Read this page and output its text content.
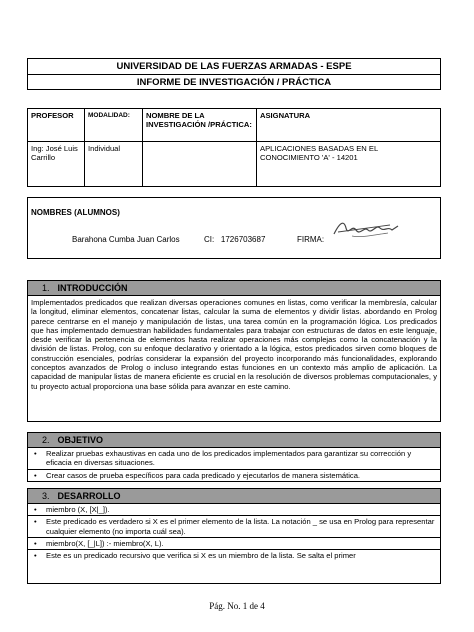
UNIVERSIDAD DE LAS FUERZAS ARMADAS - ESPE
INFORME DE INVESTIGACIÓN / PRÁCTICA
PROFESOR	MODALIDAD:	NOMBRE DE LA INVESTIGACIÓN /PRÁCTICA:	ASIGNATURA
Ing: José Luis Carrillo	Individual		APLICACIONES BASADAS EN EL CONOCIMIENTO 'A' - 14201
NOMBRES (ALUMNOS)
Barahona Cumba Juan Carlos	CI: 1726703687	FIRMA:
1. INTRODUCCIÓN
Implementados predicados que realizan diversas operaciones comunes en listas, como verificar la membresía, calcular la longitud, eliminar elementos, concatenar listas, calcular la suma de elementos y dividir listas. abordando en Prolog parece centrarse en el manejo y manipulación de listas, una tarea común en la programación lógica. Los predicados que has implementado demuestran habilidades fundamentales para trabajar con estructuras de datos en este lenguaje, desde verificar la pertenencia de elementos hasta realizar operaciones más complejas como la concatenación y la división de listas. Prolog, con su enfoque declarativo y orientado a la lógica, estos predicados sirven como bloques de construcción esenciales, podrías considerar la expansión del proyecto incorporando más funcionalidades, explorando conceptos avanzados de Prolog o incluso integrando estas funciones en un contexto más amplio de aplicación. La capacidad de manipular listas de manera eficiente es crucial en la resolución de diversos problemas computacionales, y tu proyecto actual proporciona una base sólida para avanzar en este camino.
2. OBJETIVO
• Realizar pruebas exhaustivas en cada uno de los predicados implementados para garantizar su corrección y eficacia en diversas situaciones.
• Crear casos de prueba específicos para cada predicado y ejecutarlos de manera sistemática.
3. DESARROLLO
• miembro (X, [X|_]).
• Este predicado es verdadero si X es el primer elemento de la lista. La notación _ se usa en Prolog para representar cualquier elemento (no importa cuál sea).
• miembro(X, [_|L]) :- miembro(X, L).
• Este es un predicado recursivo que verifica si X es un miembro de la lista. Se salta el primer
Pág. No. 1 de 4
